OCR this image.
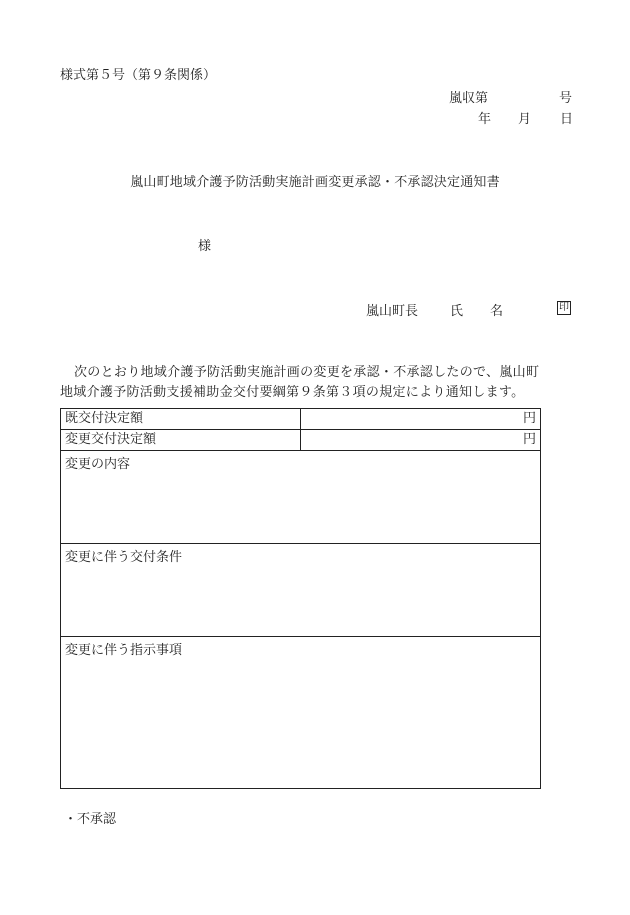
様式第５号（第９条関係）
嵐収第	号
年 月 日
嵐山町地域介護予防活動実施計画変更承認・不承認決定通知書
様
嵐山町長 氏 名	印
次のとおり地域介護予防活動実施計画の変更を承認・不承認したので、嵐山町地域介護予防活動支援補助金交付要綱第９条第３項の規定により通知します。
既交付決定額	円
変更交付決定額	円
変更の内容	
変更に伴う交付条件	
変更に伴う指示事項	
・不承認
